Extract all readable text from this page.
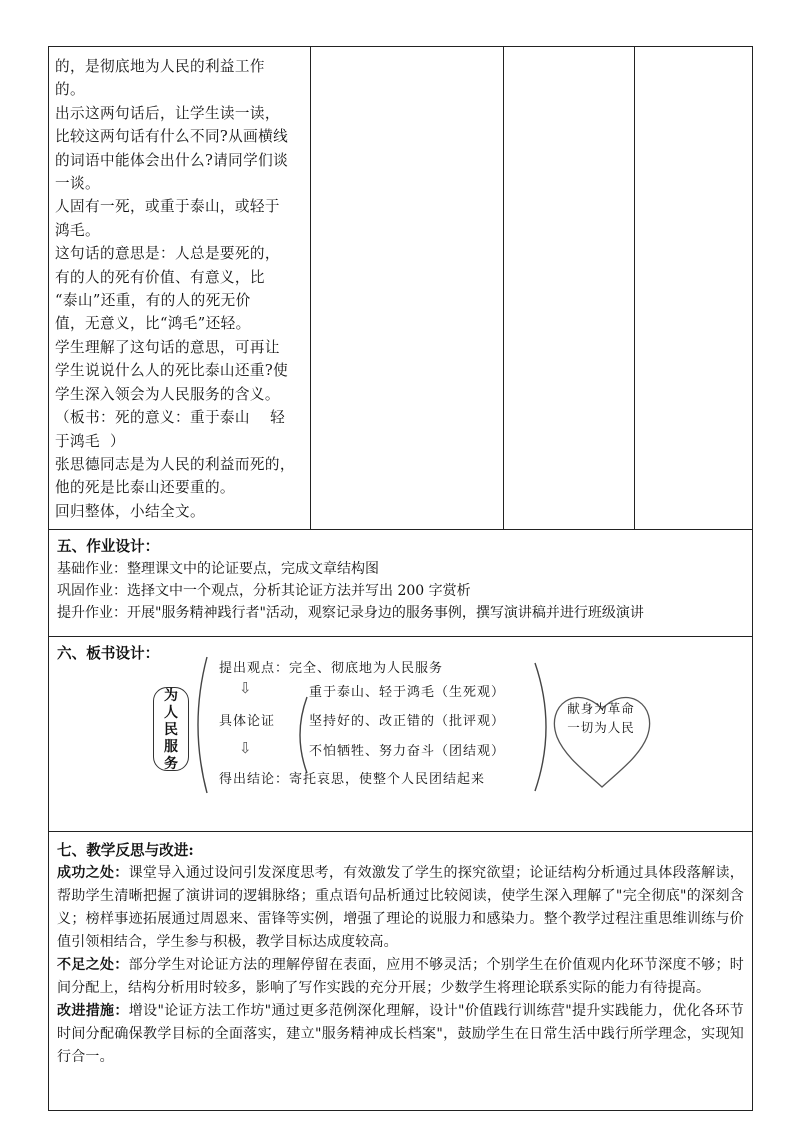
的，是彻底地为人民的利益工作

的。

出示这两句话后，让学生读一读，

比较这两句话有什么不同?从画横线

的词语中能体会出什么?请同学们谈

一谈。

人固有一死，或重于泰山，或轻于

鸿毛。

这句话的意思是：人总是要死的，

有的人的死有价值、有意义，比

“泰山”还重，有的人的死无价

值，无意义，比“鸿毛”还轻。

学生理解了这句话的意思，可再让

学生说说什么人的死比泰山还重?使

学生深入领会为人民服务的含义。

（板书：死的意义：重于泰山    轻

于鸿毛  ）

张思德同志是为人民的利益而死的，

他的死是比泰山还要重的。

回归整体，小结全文。

五、作业设计：

基础作业：整理课文中的论证要点，完成文章结构图

巩固作业：选择文中一个观点，分析其论证方法并写出 200 字赏析

提升作业：开展"服务精神践行者"活动，观察记录身边的服务事例，撰写演讲稿并进行班级演讲

六、板书设计：

为
人
民
服
务
提出观点：完全、彻底地为人民服务
⇩	重于泰山、轻于鸿毛（生死观）
具体论证	坚持好的、改正错的（批评观）
⇩	不怕牺牲、努力奋斗（团结观）
得出结论：寄托哀思，使整个人民团结起来
献身为革命
一切为人民

七、教学反思与改进:

成功之处：课堂导入通过设问引发深度思考，有效激发了学生的探究欲望；论证结构分析通过具体段落解读，帮助学生清晰把握了演讲词的逻辑脉络；重点语句品析通过比较阅读，使学生深入理解了"完全彻底"的深刻含义；榜样事迹拓展通过周恩来、雷锋等实例，增强了理论的说服力和感染力。整个教学过程注重思维训练与价值引领相结合，学生参与积极，教学目标达成度较高。

不足之处：部分学生对论证方法的理解停留在表面，应用不够灵活；个别学生在价值观内化环节深度不够；时间分配上，结构分析用时较多，影响了写作实践的充分开展；少数学生将理论联系实际的能力有待提高。

改进措施：增设"论证方法工作坊"通过更多范例深化理解，设计"价值践行训练营"提升实践能力，优化各环节时间分配确保教学目标的全面落实，建立"服务精神成长档案"，鼓励学生在日常生活中践行所学理念，实现知行合一。
